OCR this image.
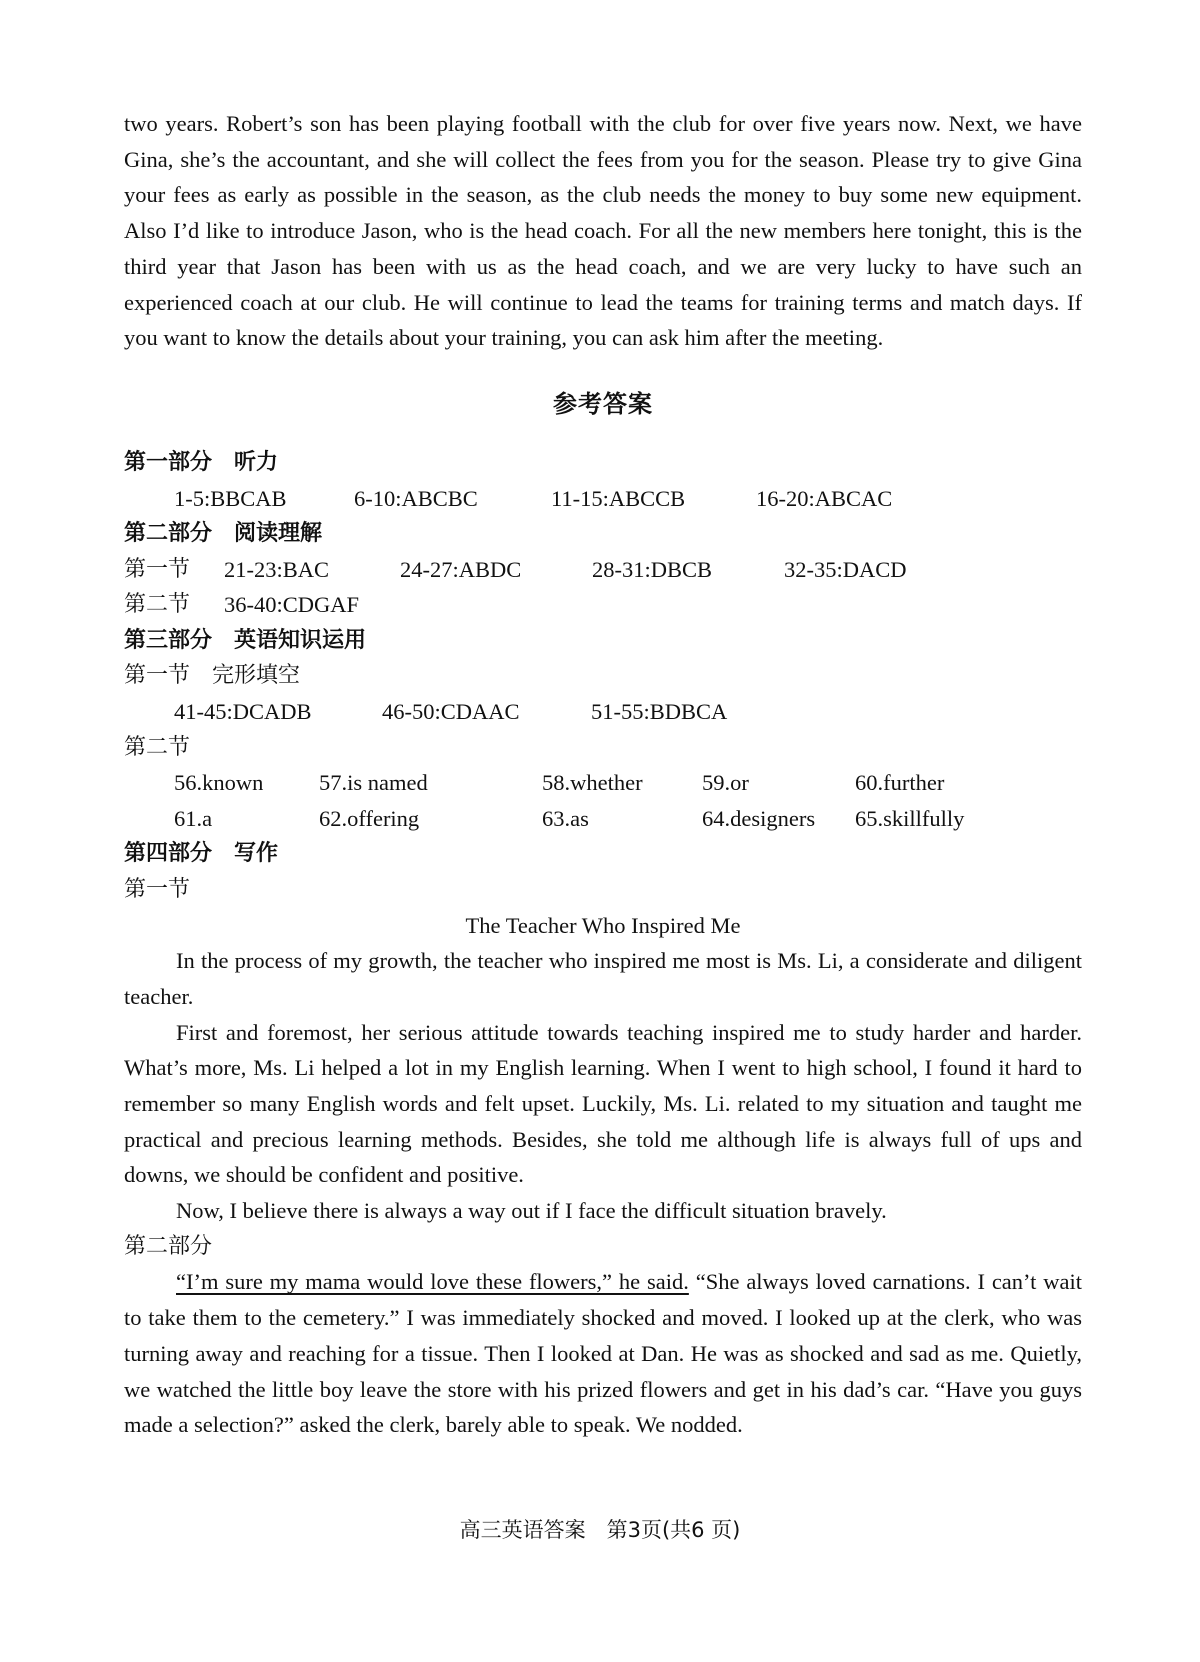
two years. Robert’s son has been playing football with the club for over five years now. Next, we have Gina, she’s the accountant, and she will collect the fees from you for the season. Please try to give Gina your fees as early as possible in the season, as the club needs the money to buy some new equipment. Also I’d like to introduce Jason, who is the head coach. For all the new members here tonight, this is the third year that Jason has been with us as the head coach, and we are very lucky to have such an experienced coach at our club. He will continue to lead the teams for training terms and match days. If you want to know the details about your training, you can ask him after the meeting.

参考答案
第一部分　听力
1-5:BBCAB	6-10:ABCBC	11-15:ABCCB	16-20:ABCAC
第二部分　阅读理解
第一节 21-23:BAC	24-27:ABDC	28-31:DBCB	32-35:DACD
第二节 36-40:CDGAF
第三部分　英语知识运用
第一节　完形填空
41-45:DCADB	46-50:CDAAC	51-55:BDBCA
第二节
56.known 57.is named	58.whether	59.or	60.further
61.a	62.offering	63.as	64.designers 65.skillfully
第四部分　写作
第一节
The Teacher Who Inspired Me

In the process of my growth, the teacher who inspired me most is Ms. Li, a considerate and diligent teacher.

First and foremost, her serious attitude towards teaching inspired me to study harder and harder. What’s more, Ms. Li helped a lot in my English learning. When I went to high school, I found it hard to remember so many English words and felt upset. Luckily, Ms. Li. related to my situation and taught me practical and precious learning methods. Besides, she told me although life is always full of ups and downs, we should be confident and positive.

Now, I believe there is always a way out if I face the difficult situation bravely.

第二部分

“I’m sure my mama would love these flowers,” he said. “She always loved carnations. I can’t wait to take them to the cemetery.” I was immediately shocked and moved. I looked up at the clerk, who was turning away and reaching for a tissue. Then I looked at Dan. He was as shocked and sad as me. Quietly, we watched the little boy leave the store with his prized flowers and get in his dad’s car. “Have you guys made a selection?” asked the clerk, barely able to speak. We nodded.

高三英语答案　第3页(共6 页)
